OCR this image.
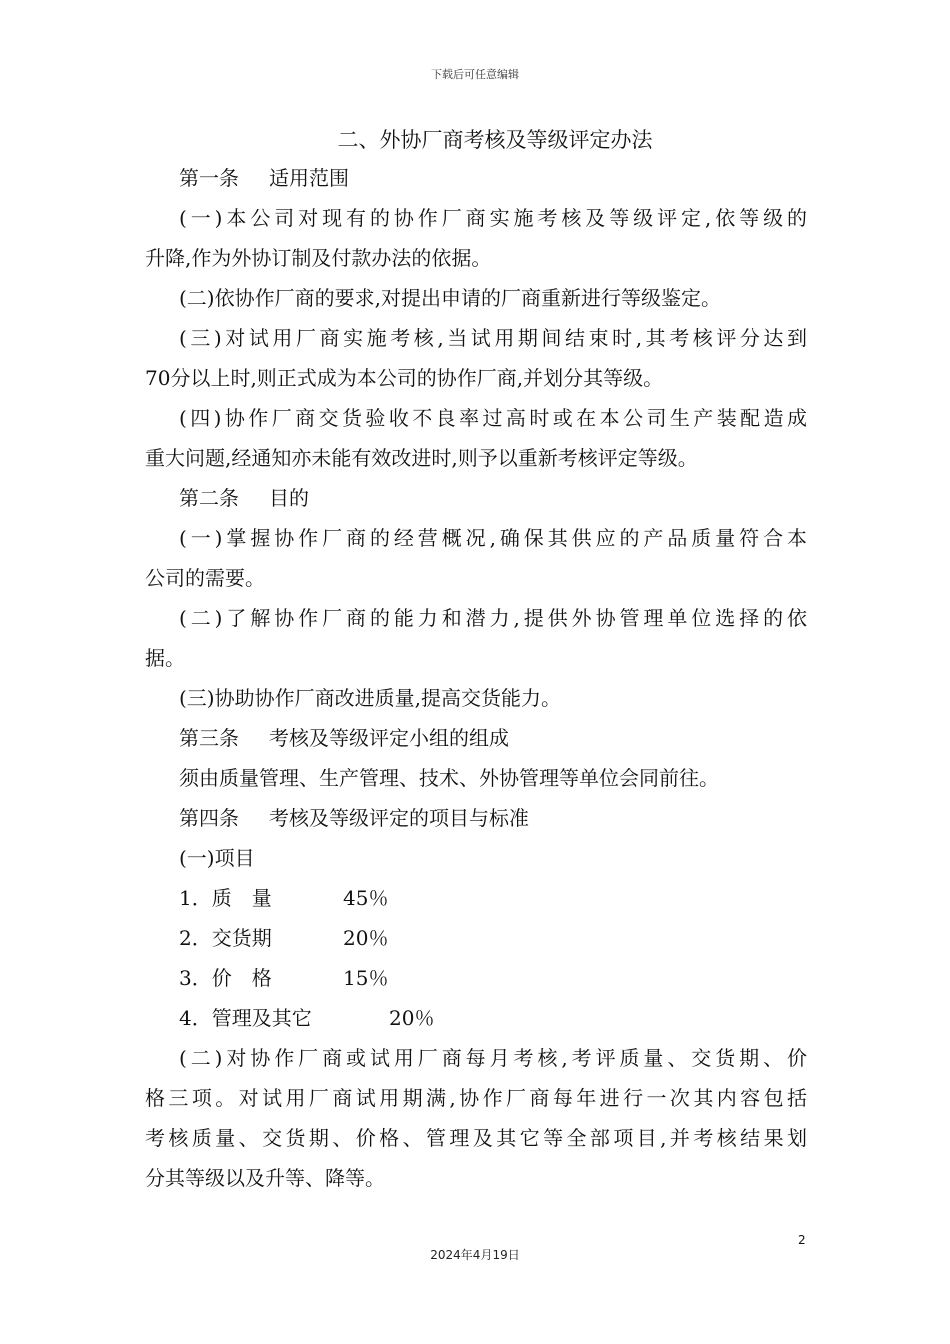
下载后可任意编辑
二、外协厂商考核及等级评定办法
第一条 适用范围
(一)本公司对现有的协作厂商实施考核及等级评定,依等级的
升降,作为外协订制及付款办法的依据。
(二)依协作厂商的要求,对提出申请的厂商重新进行等级鉴定。
(三)对试用厂商实施考核,当试用期间结束时,其考核评分达到
70分以上时,则正式成为本公司的协作厂商,并划分其等级。
(四)协作厂商交货验收不良率过高时或在本公司生产装配造成
重大问题,经通知亦未能有效改进时,则予以重新考核评定等级。
第二条 目的
(一)掌握协作厂商的经营概况,确保其供应的产品质量符合本
公司的需要。
(二)了解协作厂商的能力和潜力,提供外协管理单位选择的依
据。
(三)协助协作厂商改进质量,提高交货能力。
第三条 考核及等级评定小组的组成
须由质量管理、生产管理、技术、外协管理等单位会同前往。
第四条 考核及等级评定的项目与标准
(一)项目
1．质　量	45％
2．交货期	20％
3．价　格	15％
4．管理及其它	20％
(二)对协作厂商或试用厂商每月考核,考评质量、交货期、价
格三项。对试用厂商试用期满,协作厂商每年进行一次其内容包括
考核质量、交货期、价格、管理及其它等全部项目,并考核结果划
分其等级以及升等、降等。
2
2024年4月19日
